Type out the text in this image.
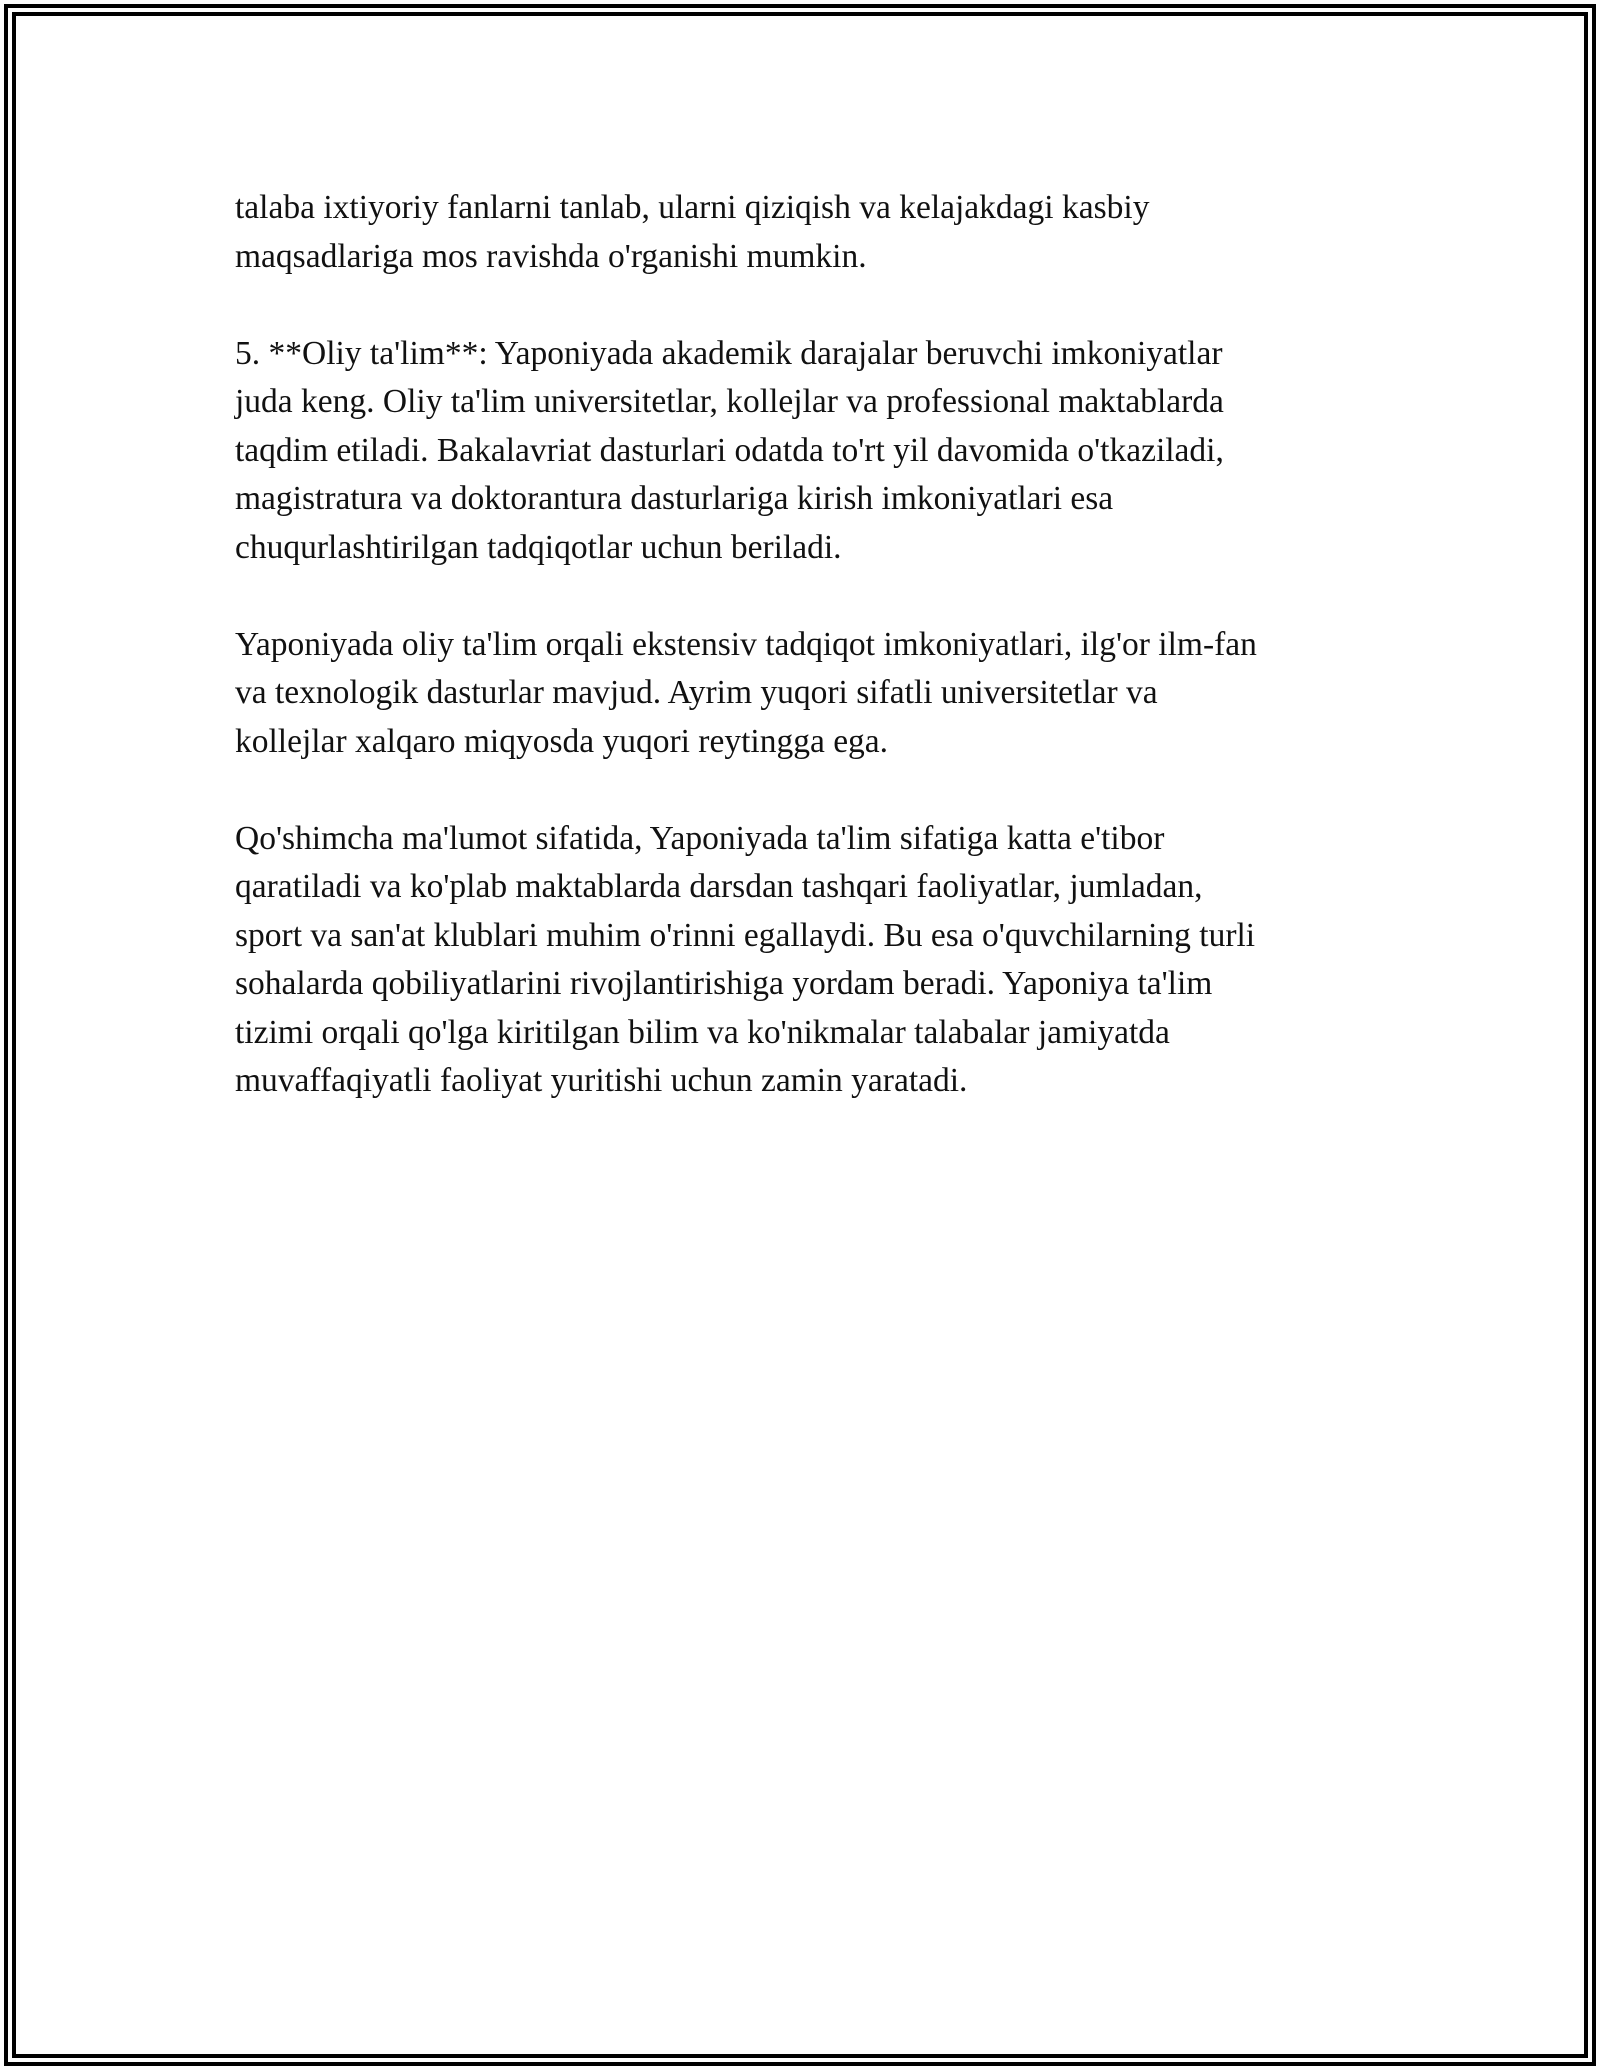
talaba ixtiyoriy fanlarni tanlab, ularni qiziqish va kelajakdagi kasbiy
maqsadlariga mos ravishda o'rganishi mumkin.

5. **Oliy ta'lim**: Yaponiyada akademik darajalar beruvchi imkoniyatlar
juda keng. Oliy ta'lim universitetlar, kollejlar va professional maktablarda
taqdim etiladi. Bakalavriat dasturlari odatda to'rt yil davomida o'tkaziladi,
magistratura va doktorantura dasturlariga kirish imkoniyatlari esa
chuqurlashtirilgan tadqiqotlar uchun beriladi.

Yaponiyada oliy ta'lim orqali ekstensiv tadqiqot imkoniyatlari, ilg'or ilm-fan
va texnologik dasturlar mavjud. Ayrim yuqori sifatli universitetlar va
kollejlar xalqaro miqyosda yuqori reytingga ega.

Qo'shimcha ma'lumot sifatida, Yaponiyada ta'lim sifatiga katta e'tibor
qaratiladi va ko'plab maktablarda darsdan tashqari faoliyatlar, jumladan,
sport va san'at klublari muhim o'rinni egallaydi. Bu esa o'quvchilarning turli
sohalarda qobiliyatlarini rivojlantirishiga yordam beradi. Yaponiya ta'lim
tizimi orqali qo'lga kiritilgan bilim va ko'nikmalar talabalar jamiyatda
muvaffaqiyatli faoliyat yuritishi uchun zamin yaratadi.
